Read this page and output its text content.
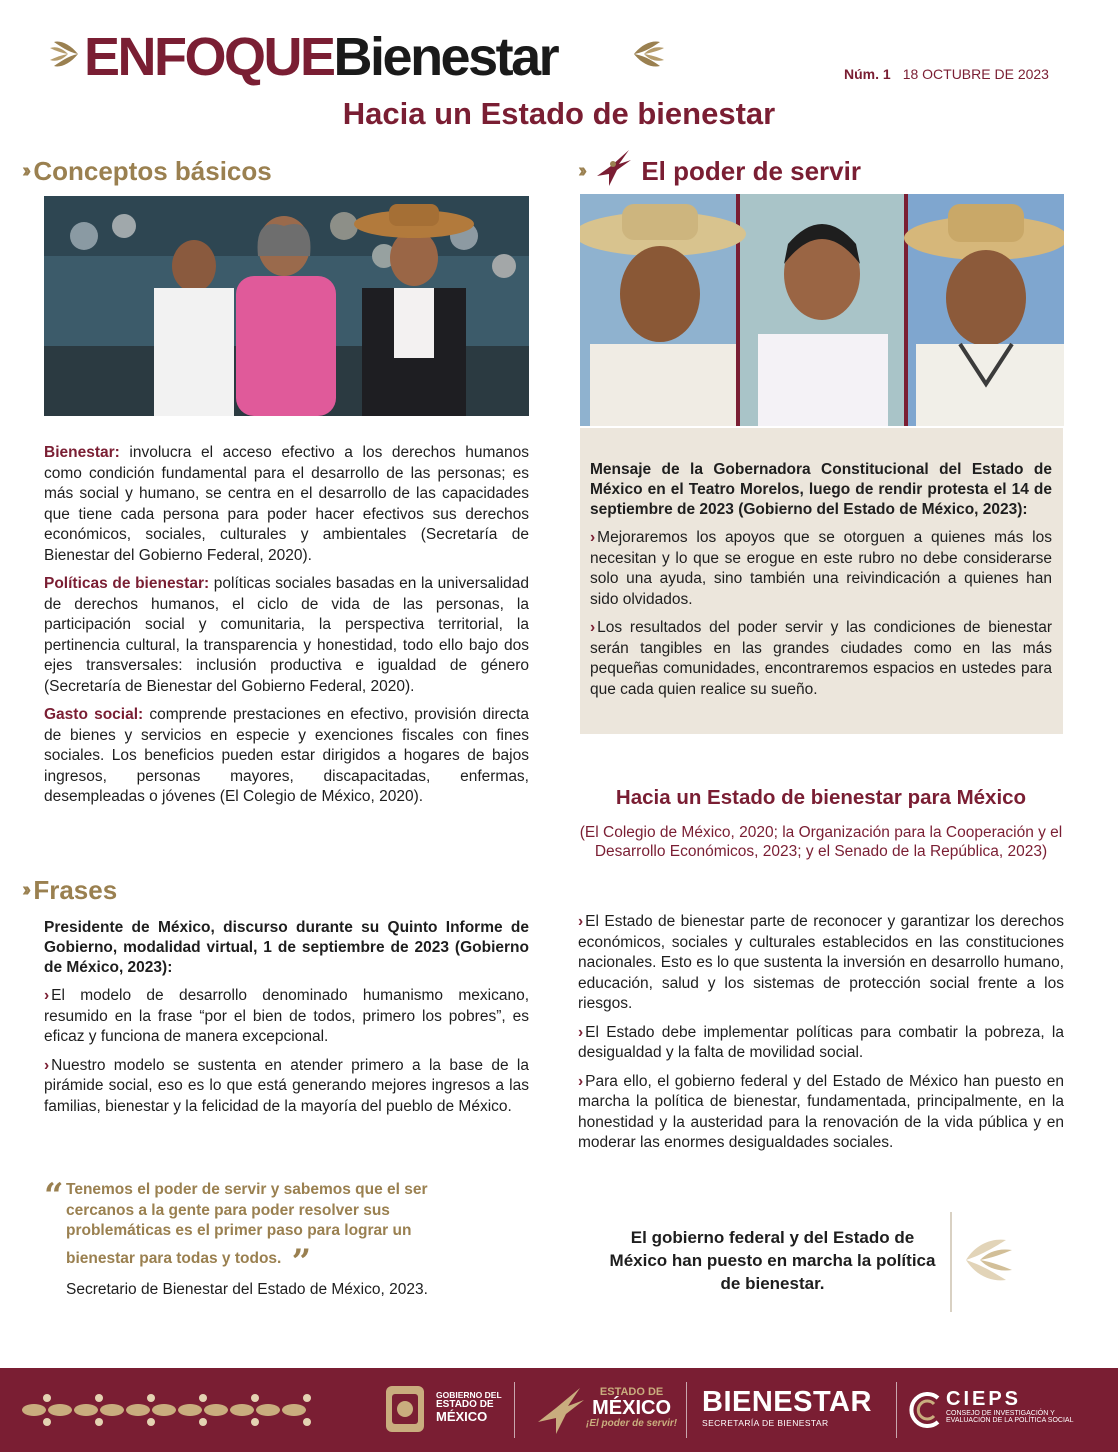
ENFOQUEBienestar	Núm. 1 18 OCTUBRE DE 2023
Hacia un Estado de bienestar
›› Conceptos básicos

Bienestar: involucra el acceso efectivo a los derechos humanos como condición fundamental para el desarrollo de las personas; es más social y humano, se centra en el desarrollo de las capacidades que tiene cada persona para poder hacer efectivos sus derechos económicos, sociales, culturales y ambientales (Secretaría de Bienestar del Gobierno Federal, 2020).

Políticas de bienestar: políticas sociales basadas en la universalidad de derechos humanos, el ciclo de vida de las personas, la participación social y comunitaria, la perspectiva territorial, la pertinencia cultural, la transparencia y honestidad, todo ello bajo dos ejes transversales: inclusión productiva e igualdad de género (Secretaría de Bienestar del Gobierno Federal, 2020).

Gasto social: comprende prestaciones en efectivo, provisión directa de bienes y servicios en especie y exenciones fiscales con fines sociales. Los beneficios pueden estar dirigidos a hogares de bajos ingresos, personas mayores, discapacitadas, enfermas, desempleadas o jóvenes (El Colegio de México, 2020).

›› Frases

Presidente de México, discurso durante su Quinto Informe de Gobierno, modalidad virtual, 1 de septiembre de 2023 (Gobierno de México, 2023):

› El modelo de desarrollo denominado humanismo mexicano, resumido en la frase “por el bien de todos, primero los pobres”, es eficaz y funciona de manera excepcional.
› Nuestro modelo se sustenta en atender primero a la base de la pirámide social, eso es lo que está generando mejores ingresos a las familias, bienestar y la felicidad de la mayoría del pueblo de México.
“ Tenemos el poder de servir y sabemos que el ser cercanos a la gente para poder resolver sus problemáticas es el primer paso para lograr un bienestar para todas y todos. ”
Secretario de Bienestar del Estado de México, 2023.
›› El poder de servir

Mensaje de la Gobernadora Constitucional del Estado de México en el Teatro Morelos, luego de rendir protesta el 14 de septiembre de 2023 (Gobierno del Estado de México, 2023):

› Mejoraremos los apoyos que se otorguen a quienes más los necesitan y lo que se erogue en este rubro no debe considerarse solo una ayuda, sino también una reivindicación a quienes han sido olvidados.
› Los resultados del poder servir y las condiciones de bienestar serán tangibles en las grandes ciudades como en las más pequeñas comunidades, encontraremos espacios en ustedes para que cada quien realice su sueño.
Hacia un Estado de bienestar para México
(El Colegio de México, 2020; la Organización para la Cooperación y el Desarrollo Económicos, 2023; y el Senado de la República, 2023)
› El Estado de bienestar parte de reconocer y garantizar los derechos económicos, sociales y culturales establecidos en las constituciones nacionales. Esto es lo que sustenta la inversión en desarrollo humano, educación, salud y los sistemas de protección social frente a los riesgos.
› El Estado debe implementar políticas para combatir la pobreza, la desigualdad y la falta de movilidad social.
› Para ello, el gobierno federal y del Estado de México han puesto en marcha la política de bienestar, fundamentada, principalmente, en la honestidad y la austeridad para la renovación de la vida pública y en moderar las enormes desigualdades sociales.
El gobierno federal y del Estado de México han puesto en marcha la política de bienestar.
GOBIERNO DEL
ESTADO DE
MÉXICO
ESTADO DE
MÉXICO
¡El poder de servir!
BIENESTAR
SECRETARÍA DE BIENESTAR
CIEPS
CONSEJO DE INVESTIGACIÓN Y
EVALUACIÓN DE LA POLÍTICA SOCIAL
